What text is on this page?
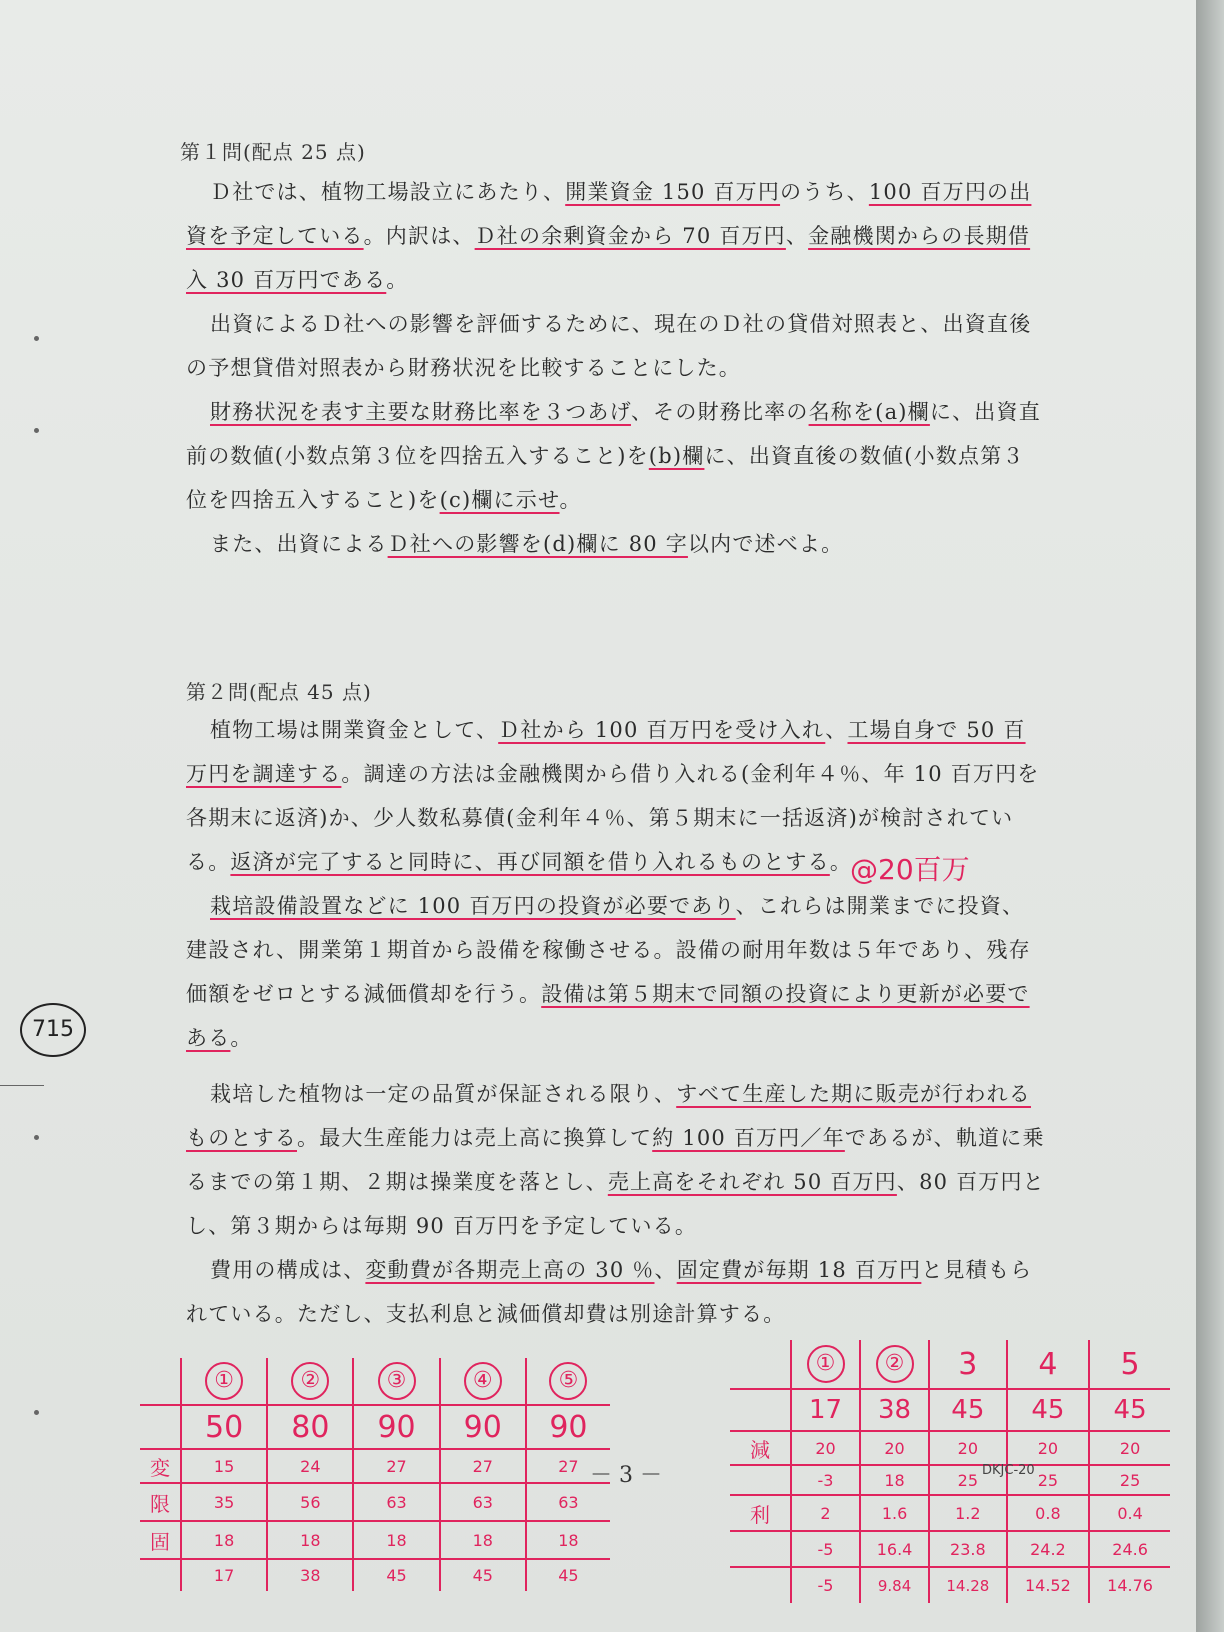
第１問(配点 25 点)

Ｄ社では、植物工場設立にあたり、開業資金 150 百万円のうち、100 百万円の出資を予定している。内訳は、Ｄ社の余剰資金から 70 百万円、金融機関からの長期借入 30 百万円である。

出資によるＤ社への影響を評価するために、現在のＤ社の貸借対照表と、出資直後の予想貸借対照表から財務状況を比較することにした。

財務状況を表す主要な財務比率を３つあげ、その財務比率の名称を(a)欄に、出資直前の数値(小数点第３位を四捨五入すること)を(b)欄に、出資直後の数値(小数点第３位を四捨五入すること)を(c)欄に示せ。

また、出資によるＤ社への影響を(d)欄に 80 字以内で述べよ。

第２問(配点 45 点)

植物工場は開業資金として、Ｄ社から 100 百万円を受け入れ、工場自身で 50 百万円を調達する。調達の方法は金融機関から借り入れる(金利年４％、年 10 百万円を各期末に返済)か、少人数私募債(金利年４％、第５期末に一括返済)が検討されている。返済が完了すると同時に、再び同額を借り入れるものとする。

@20百万

栽培設備設置などに 100 百万円の投資が必要であり、これらは開業までに投資、建設され、開業第１期首から設備を稼働させる。設備の耐用年数は５年であり、残存価額をゼロとする減価償却を行う。設備は第５期末で同額の投資により更新が必要である。

栽培した植物は一定の品質が保証される限り、すべて生産した期に販売が行われるものとする。最大生産能力は売上高に換算して約 100 百万円／年であるが、軌道に乗るまでの第１期、２期は操業度を落とし、売上高をそれぞれ 50 百万円、80 百万円とし、第３期からは毎期 90 百万円を予定している。

費用の構成は、変動費が各期売上高の 30 ％、固定費が毎期 18 百万円と見積もられている。ただし、支払利息と減価償却費は別途計算する。

715
	①	②	③	④	⑤
	50	80	90	90	90
変	15	24	27	27	27
限	35	56	63	63	63
固	18	18	18	18	18
	17	38	45	45	45
	①	②	3	4	5
	17	38	45	45	45
減	20	20	20	20	20
	-3	18	25	25	25
利	2	1.6	1.2	0.8	0.4
	-5	16.4	23.8	24.2	24.6
	-5	9.84	14.28	14.52	14.76
－ 3 －	DKJC-20
